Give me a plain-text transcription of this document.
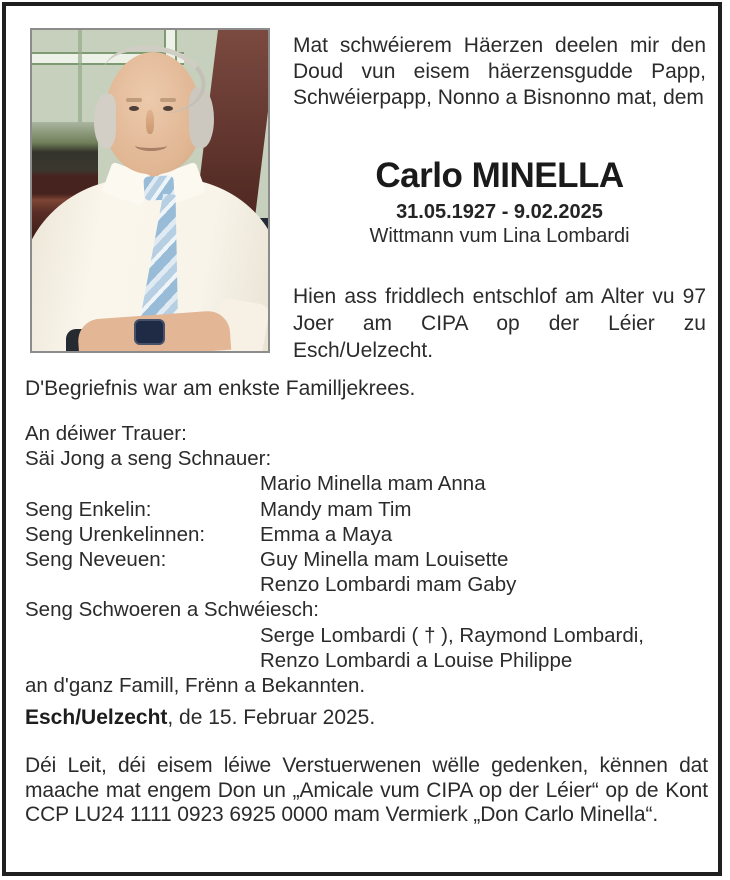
Mat schwéierem Häerzen deelen mir den Doud vun eisem häerzensgudde Papp, Schwéierpapp, Nonno a Bisnonno mat, dem
Carlo MINELLA
31.05.1927 - 9.02.2025
Wittmann vum Lina Lombardi
Hien ass friddlech entschlof am Alter vu 97 Joer am CIPA op der Léier zu Esch/Uelzecht.
D'Begriefnis war am enkste Familljekrees.
An déiwer Trauer:
Säi Jong a seng Schnauer:
Mario Minella mam Anna
Seng Enkelin:	Mandy mam Tim
Seng Urenkelinnen:	Emma a Maya
Seng Neveuen:	Guy Minella mam Louisette
Renzo Lombardi mam Gaby
Seng Schwoeren a Schwéiesch:
Serge Lombardi ( † ), Raymond Lombardi,
Renzo Lombardi a Louise Philippe
an d'ganz Famill, Frënn a Bekannten.
Esch/Uelzecht, de 15. Februar 2025.
Déi Leit, déi eisem léiwe Verstuerwenen wëlle gedenken, kënnen dat maache mat engem Don un „Amicale vum CIPA op der Léier“ op de Kont CCP LU24 1111 0923 6925 0000 mam Vermierk „Don Carlo Minella“.
